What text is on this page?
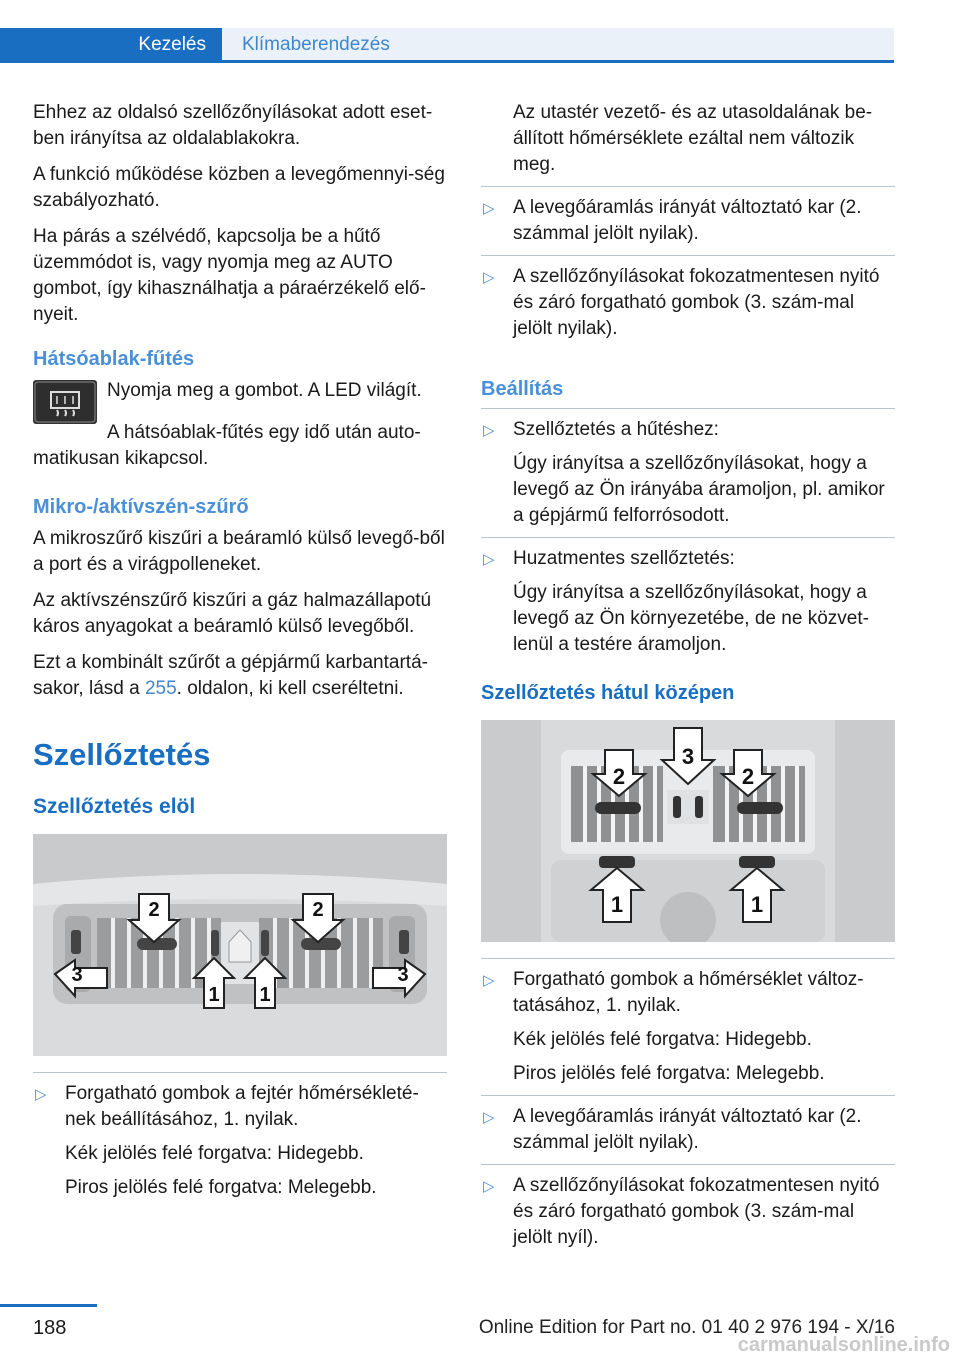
Kezelés	Klímaberendezés

Ehhez az oldalsó szellőzőnyílásokat adott eset-ben irányítsa az oldalablakokra.

A funkció működése közben a levegőmennyi-ség szabályozható.

Ha párás a szélvédő, kapcsolja be a hűtő üzemmódot is, vagy nyomja meg az AUTO gombot, így kihasználhatja a páraérzékelő elő-nyeit.

Hátsóablak-fűtés

Nyomja meg a gombot. A LED világít.

A hátsóablak-fűtés egy idő után auto-matikusan kikapcsol.

Mikro-/aktívszén-szűrő

A mikroszűrő kiszűri a beáramló külső levegő-ből a port és a virágpolleneket.

Az aktívszénszűrő kiszűri a gáz halmazállapotú káros anyagokat a beáramló külső levegőből.

Ezt a kombinált szűrőt a gépjármű karbantartá-sakor, lásd a 255. oldalon, ki kell cseréltetni.

Szellőztetés
Szellőztetés elöl
2	2
3
1 1
3
▷ Forgatható gombok a fejtér hőmérsékleté-nek beállításához, 1. nyilak.
Kék jelölés felé forgatva: Hidegebb.
Piros jelölés felé forgatva: Melegebb.

Az utastér vezető- és az utasoldalának be-állított hőmérséklete ezáltal nem változik meg.

▷ A levegőáramlás irányát változtató kar (2. számmal jelölt nyilak).
▷ A szellőzőnyílásokat fokozatmentesen nyitó és záró forgatható gombok (3. szám-mal jelölt nyilak).
Beállítás
▷ Szellőztetés a hűtéshez:
Úgy irányítsa a szellőzőnyílásokat, hogy a levegő az Ön irányába áramoljon, pl. amikor a gépjármű felforrósodott.
▷ Huzatmentes szellőztetés:
Úgy irányítsa a szellőzőnyílásokat, hogy a levegő az Ön környezetébe, de ne közvet-lenül a testére áramoljon.
Szellőztetés hátul középen
2
3
2
1	1
▷ Forgatható gombok a hőmérséklet változ-tatásához, 1. nyilak.
Kék jelölés felé forgatva: Hidegebb.
Piros jelölés felé forgatva: Melegebb.
▷ A levegőáramlás irányát változtató kar (2. számmal jelölt nyilak).
▷ A szellőzőnyílásokat fokozatmentesen nyitó és záró forgatható gombok (3. szám-mal jelölt nyíl).
188	Online Edition for Part no. 01 40 2 976 194 - X/16
carmanualsonline.info
